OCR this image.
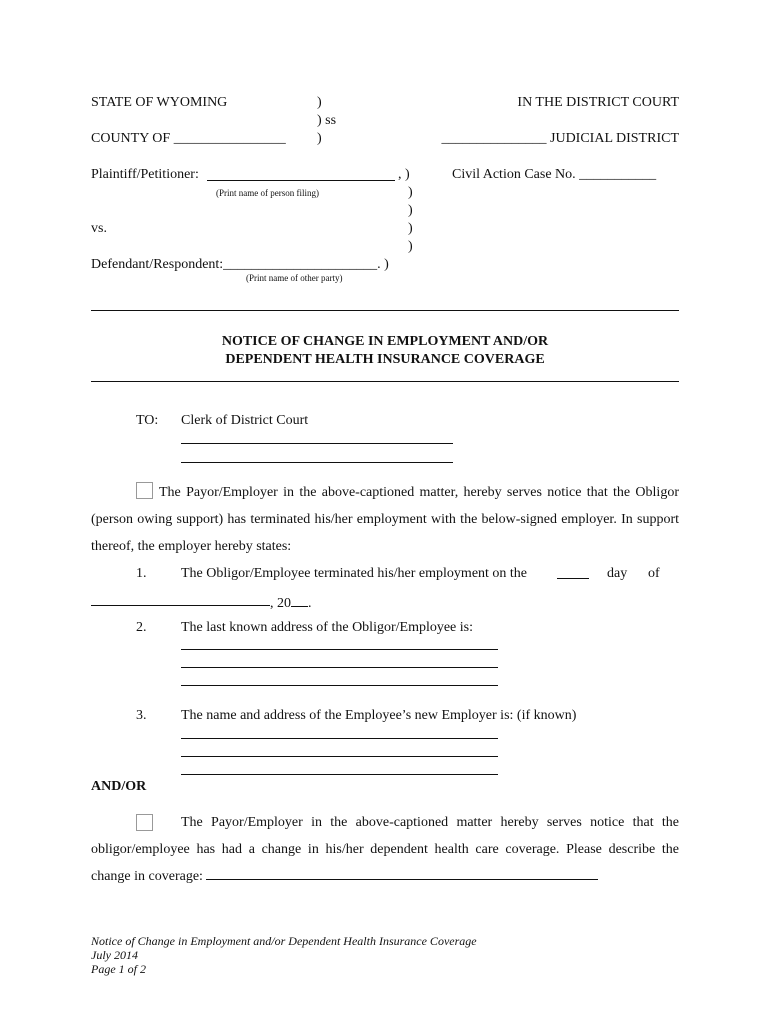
STATE OF WYOMING	)
) ss
)
COUNTY OF ________________
IN THE DISTRICT COURT
_______________ JUDICIAL DISTRICT
Plaintiff/Petitioner:	, )
(Print name of person filing)
Civil Action Case No. ___________
)
)
vs.	)
)
Defendant/Respondent:______________________. )
(Print name of other party)
NOTICE OF CHANGE IN EMPLOYMENT AND/OR
DEPENDENT HEALTH INSURANCE COVERAGE
TO: Clerk of District Court
The Payor/Employer in the above-captioned matter, hereby serves notice that the Obligor (person owing support) has terminated his/her employment with the below-signed employer. In support thereof, the employer hereby states:
1. The Obligor/Employee terminated his/her employment on the	day of
, 20 .
2. The last known address of the Obligor/Employee is:
3. The name and address of the Employee’s new Employer is: (if known)
AND/OR
The Payor/Employer in the above-captioned matter hereby serves notice that the obligor/employee has had a change in his/her dependent health care coverage. Please describe the change in coverage:
Notice of Change in Employment and/or Dependent Health Insurance Coverage
July 2014
Page 1 of 2
